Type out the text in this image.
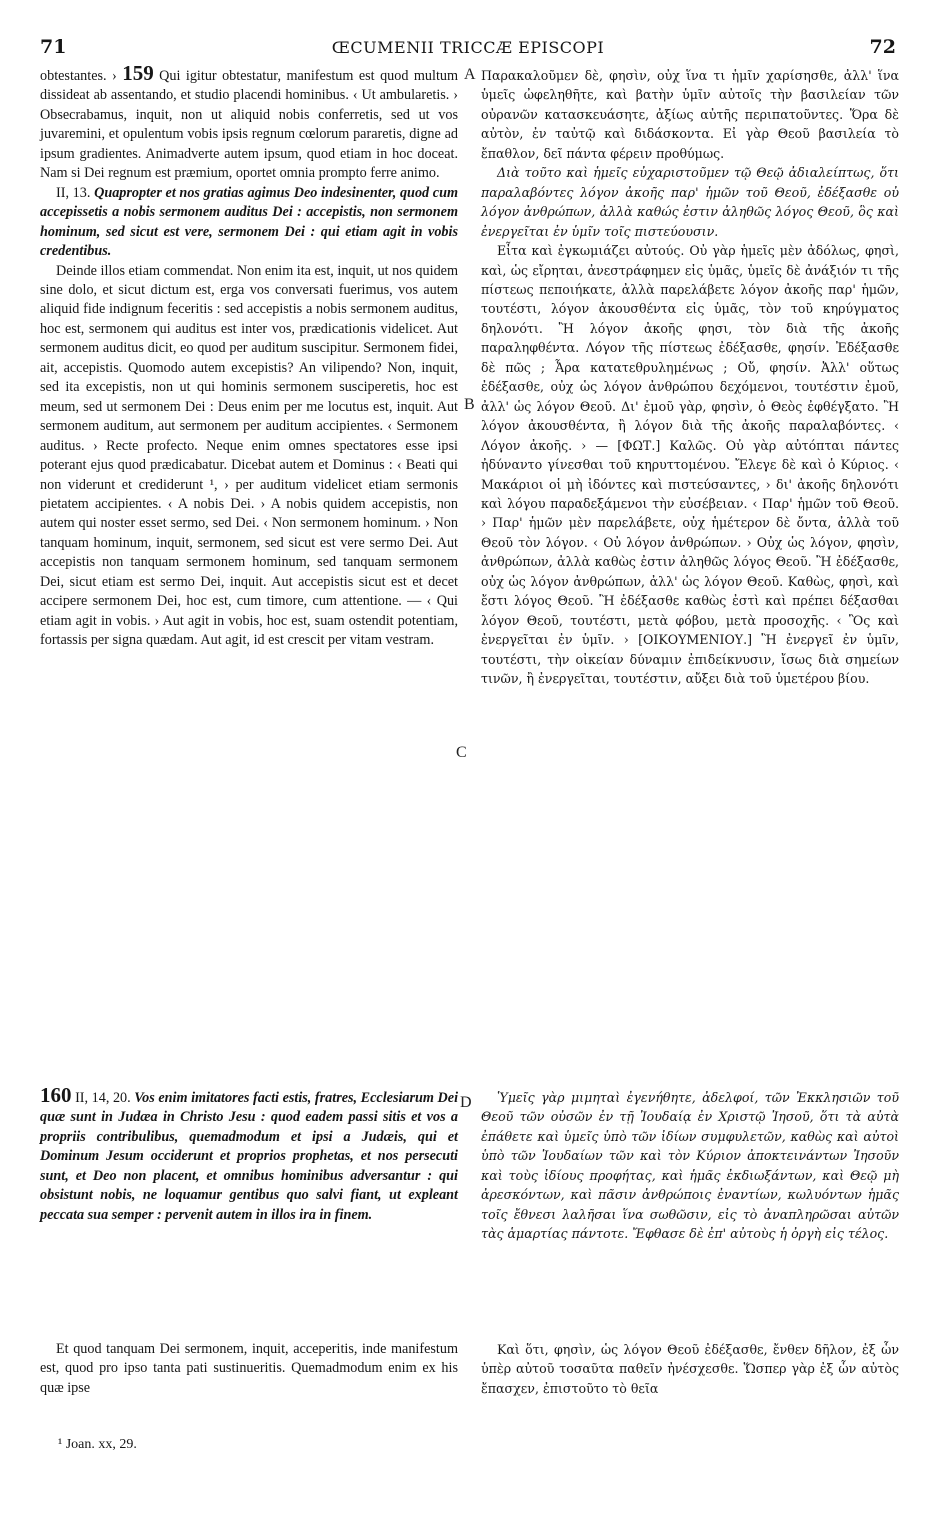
71	ŒCUMENII TRICCÆ EPISCOPI	72
A
B
C
D

obtestantes. › 159 Qui igitur obtestatur, manifestum est quod multum dissideat ab assentando, et studio placendi hominibus. ‹ Ut ambularetis. › Obsecrabamus, inquit, non ut aliquid nobis conferretis, sed ut vos juvaremini, et opulentum vobis ipsis regnum cœlorum pararetis, digne ad ipsum gradientes. Animadverte autem ipsum, quod etiam in hoc doceat. Nam si Dei regnum est præmium, oportet omnia prompto ferre animo.

II, 13. Quapropter et nos gratias agimus Deo indesinenter, quod cum accepissetis a nobis sermonem auditus Dei : accepistis, non sermonem hominum, sed sicut est vere, sermonem Dei : qui etiam agit in vobis credentibus.

Deinde illos etiam commendat. Non enim ita est, inquit, ut nos quidem sine dolo, et sicut dictum est, erga vos conversati fuerimus, vos autem aliquid fide indignum feceritis : sed accepistis a nobis sermonem auditus, hoc est, sermonem qui auditus est inter vos, prædicationis videlicet. Aut sermonem auditus dicit, eo quod per auditum suscipitur. Sermonem fidei, ait, accepistis. Quomodo autem excepistis? An vilipendo? Non, inquit, sed ita excepistis, non ut qui hominis sermonem susciperetis, hoc est meum, sed ut sermonem Dei : Deus enim per me locutus est, inquit. Aut sermonem auditum, aut sermonem per auditum accipientes. ‹ Sermonem auditus. › Recte profecto. Neque enim omnes spectatores esse ipsi poterant ejus quod prædicabatur. Dicebat autem et Dominus : ‹ Beati qui non viderunt et crediderunt ¹, › per auditum videlicet etiam sermonis pietatem accipientes. ‹ A nobis Dei. › A nobis quidem accepistis, non autem qui noster esset sermo, sed Dei. ‹ Non sermonem hominum. › Non tanquam hominum, inquit, sermonem, sed sicut est vere sermo Dei. Aut accepistis non tanquam sermonem hominum, sed tanquam sermonem Dei, sicut etiam est sermo Dei, inquit. Aut accepistis sicut est et decet accipere sermonem Dei, hoc est, cum timore, cum attentione. — ‹ Qui etiam agit in vobis. › Aut agit in vobis, hoc est, suam ostendit potentiam, fortassis per signa quædam. Aut agit, id est crescit per vitam vestram.

160 II, 14, 20. Vos enim imitatores facti estis, fratres, Ecclesiarum Dei quæ sunt in Judæa in Christo Jesu : quod eadem passi sitis et vos a propriis contribulibus, quemadmodum et ipsi a Judæis, qui et Dominum Jesum occiderunt et proprios prophetas, et nos persecuti sunt, et Deo non placent, et omnibus hominibus adversantur : qui obsistunt nobis, ne loquamur gentibus quo salvi fiant, ut expleant peccata sua semper : pervenit autem in illos ira in finem.

Et quod tanquam Dei sermonem, inquit, acceperitis, inde manifestum est, quod pro ipso tanta pati sustinueritis. Quemadmodum enim ex his quæ ipse

Παρακαλοῦμεν δὲ, φησὶν, οὐχ ἵνα τι ἡμῖν χαρίσησθε, ἀλλ' ἵνα ὑμεῖς ὠφεληθῆτε, καὶ βατὴν ὑμῖν αὐτοῖς τὴν βασιλείαν τῶν οὐρανῶν κατασκευάσητε, ἀξίως αὐτῆς περιπατοῦντες. Ὅρα δὲ αὐτὸν, ἐν ταὐτῷ καὶ διδάσκοντα. Εἰ γὰρ Θεοῦ βασιλεία τὸ ἔπαθλον, δεῖ πάντα φέρειν προθύμως.

Διὰ τοῦτο καὶ ἡμεῖς εὐχαριστοῦμεν τῷ Θεῷ ἀδιαλείπτως, ὅτι παραλαβόντες λόγον ἀκοῆς παρ' ἡμῶν τοῦ Θεοῦ, ἐδέξασθε οὐ λόγον ἀνθρώπων, ἀλλὰ καθώς ἐστιν ἀληθῶς λόγος Θεοῦ, ὃς καὶ ἐνεργεῖται ἐν ὑμῖν τοῖς πιστεύουσιν.

Εἶτα καὶ ἐγκωμιάζει αὐτούς. Οὐ γὰρ ἡμεῖς μὲν ἀδόλως, φησὶ, καὶ, ὡς εἴρηται, ἀνεστράφημεν εἰς ὑμᾶς, ὑμεῖς δὲ ἀνάξιόν τι τῆς πίστεως πεποιήκατε, ἀλλὰ παρελάβετε λόγον ἀκοῆς παρ' ἡμῶν, τουτέστι, λόγον ἀκουσθέντα εἰς ὑμᾶς, τὸν τοῦ κηρύγματος δηλονότι. Ἢ λόγον ἀκοῆς φησι, τὸν διὰ τῆς ἀκοῆς παραληφθέντα. Λόγον τῆς πίστεως ἐδέξασθε, φησίν. Ἐδέξασθε δὲ πῶς ; Ἆρα κατατεθρυλημένως ; Οὔ, φησίν. Ἀλλ' οὕτως ἐδέξασθε, οὐχ ὡς λόγον ἀνθρώπου δεχόμενοι, τουτέστιν ἐμοῦ, ἀλλ' ὡς λόγον Θεοῦ. Δι' ἐμοῦ γὰρ, φησὶν, ὁ Θεὸς ἐφθέγξατο. Ἢ λόγον ἀκουσθέντα, ἢ λόγον διὰ τῆς ἀκοῆς παραλαβόντες. ‹ Λόγον ἀκοῆς. › — [ΦΩΤ.] Καλῶς. Οὐ γὰρ αὐτόπται πάντες ἠδύναντο γίνεσθαι τοῦ κηρυττομένου. Ἔλεγε δὲ καὶ ὁ Κύριος. ‹ Μακάριοι οἱ μὴ ἰδόντες καὶ πιστεύσαντες, › δι' ἀκοῆς δηλονότι καὶ λόγου παραδεξάμενοι τὴν εὐσέβειαν. ‹ Παρ' ἡμῶν τοῦ Θεοῦ. › Παρ' ἡμῶν μὲν παρελάβετε, οὐχ ἡμέτερον δὲ ὄντα, ἀλλὰ τοῦ Θεοῦ τὸν λόγον. ‹ Οὐ λόγον ἀνθρώπων. › Οὐχ ὡς λόγον, φησὶν, ἀνθρώπων, ἀλλὰ καθὼς ἐστιν ἀληθῶς λόγος Θεοῦ. Ἢ ἐδέξασθε, οὐχ ὡς λόγον ἀνθρώπων, ἀλλ' ὡς λόγον Θεοῦ. Καθὼς, φησὶ, καὶ ἔστι λόγος Θεοῦ. Ἢ ἐδέξασθε καθὼς ἐστὶ καὶ πρέπει δέξασθαι λόγον Θεοῦ, τουτέστι, μετὰ φόβου, μετὰ προσοχῆς. ‹ Ὃς καὶ ἐνεργεῖται ἐν ὑμῖν. › [ΟΙΚΟΥΜΕΝΙΟΥ.] Ἢ ἐνεργεῖ ἐν ὑμῖν, τουτέστι, τὴν οἰκείαν δύναμιν ἐπιδείκνυσιν, ἴσως διὰ σημείων τινῶν, ἢ ἐνεργεῖται, τουτέστιν, αὔξει διὰ τοῦ ὑμετέρου βίου.

Ὑμεῖς γὰρ μιμηταὶ ἐγενήθητε, ἀδελφοί, τῶν Ἐκκλησιῶν τοῦ Θεοῦ τῶν οὐσῶν ἐν τῇ Ἰουδαίᾳ ἐν Χριστῷ Ἰησοῦ, ὅτι τὰ αὐτὰ ἐπάθετε καὶ ὑμεῖς ὑπὸ τῶν ἰδίων συμφυλετῶν, καθὼς καὶ αὐτοὶ ὑπὸ τῶν Ἰουδαίων τῶν καὶ τὸν Κύριον ἀποκτεινάντων Ἰησοῦν καὶ τοὺς ἰδίους προφήτας, καὶ ἡμᾶς ἐκδιωξάντων, καὶ Θεῷ μὴ ἀρεσκόντων, καὶ πᾶσιν ἀνθρώποις ἐναντίων, κωλυόντων ἡμᾶς τοῖς ἔθνεσι λαλῆσαι ἵνα σωθῶσιν, εἰς τὸ ἀναπληρῶσαι αὐτῶν τὰς ἁμαρτίας πάντοτε. Ἔφθασε δὲ ἐπ' αὐτοὺς ἡ ὀργὴ εἰς τέλος.

Καὶ ὅτι, φησὶν, ὡς λόγον Θεοῦ ἐδέξασθε, ἔνθεν δῆλον, ἐξ ὧν ὑπὲρ αὐτοῦ τοσαῦτα παθεῖν ἠνέσχεσθε. Ὥσπερ γὰρ ἐξ ὧν αὐτὸς ἔπασχεν, ἐπιστοῦτο τὸ θεῖα

¹ Joan. xx, 29.
